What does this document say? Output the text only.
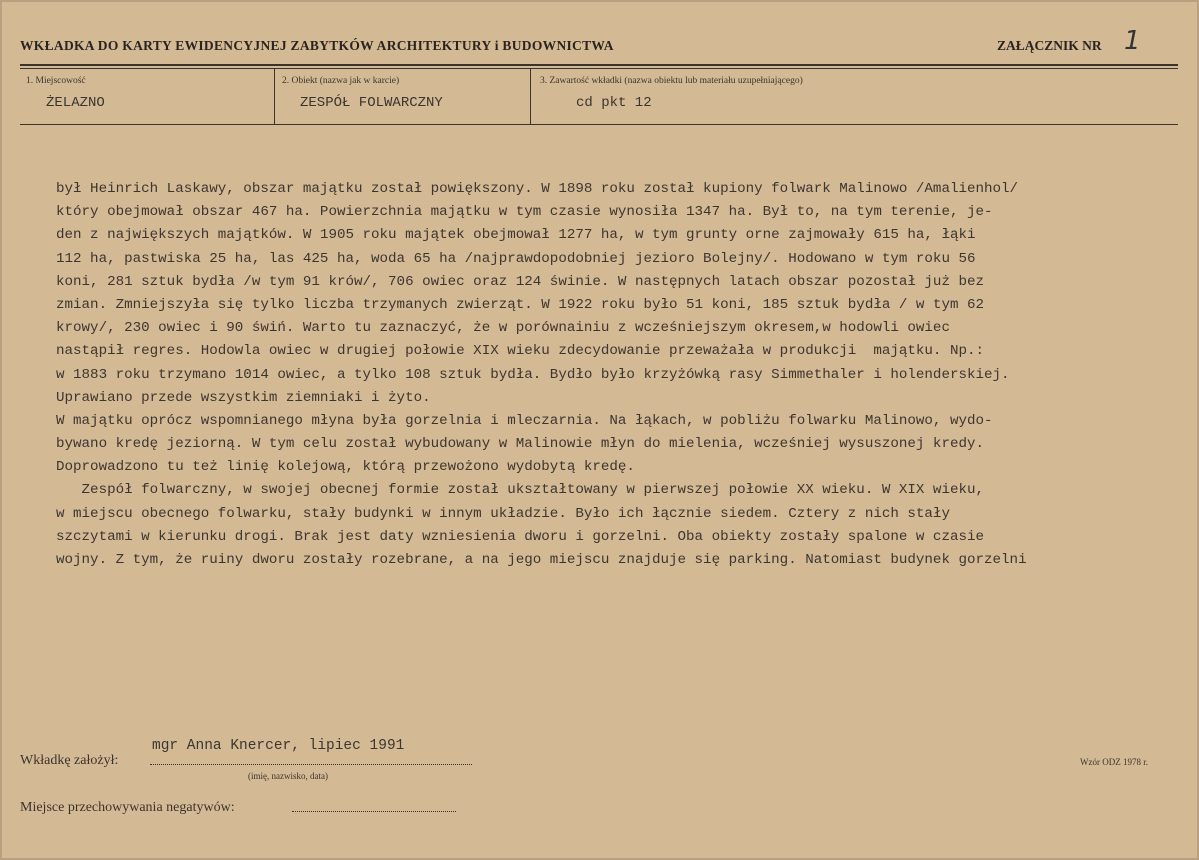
WKŁADKA DO KARTY EWIDENCYJNEJ ZABYTKÓW ARCHITEKTURY i BUDOWNICTWA	ZAŁĄCZNIK NR 1
1. Miejscowość
ŻELAZNO
2. Obiekt (nazwa jak w karcie)
ZESPÓŁ FOLWARCZNY
3. Zawartość wkładki (nazwa obiektu lub materiału uzupełniającego)
cd pkt 12
był Heinrich Laskawy, obszar majątku został powiększony. W 1898 roku został kupiony folwark Malinowo /Amalienhol/
który obejmował obszar 467 ha. Powierzchnia majątku w tym czasie wynosiła 1347 ha. Był to, na tym terenie, je-
den z największych majątków. W 1905 roku majątek obejmował 1277 ha, w tym grunty orne zajmowały 615 ha, łąki
112 ha, pastwiska 25 ha, las 425 ha, woda 65 ha /najprawdopodobniej jezioro Bolejny/. Hodowano w tym roku 56
koni, 281 sztuk bydła /w tym 91 krów/, 706 owiec oraz 124 świnie. W następnych latach obszar pozostał już bez
zmian. Zmniejszyła się tylko liczba trzymanych zwierząt. W 1922 roku było 51 koni, 185 sztuk bydła / w tym 62
krowy/, 230 owiec i 90 świń. Warto tu zaznaczyć, że w porównainiu z wcześniejszym okresem,w hodowli owiec
nastąpił regres. Hodowla owiec w drugiej połowie XIX wieku zdecydowanie przeważała w produkcji  majątku. Np.:
w 1883 roku trzymano 1014 owiec, a tylko 108 sztuk bydła. Bydło było krzyżówką rasy Simmethaler i holenderskiej.
Uprawiano przede wszystkim ziemniaki i żyto.
W majątku oprócz wspomnianego młyna była gorzelnia i mleczarnia. Na łąkach, w pobliżu folwarku Malinowo, wydo-
bywano kredę jeziorną. W tym celu został wybudowany w Malinowie młyn do mielenia, wcześniej wysuszonej kredy.
Doprowadzono tu też linię kolejową, którą przewożono wydobytą kredę.
Zespół folwarczny, w swojej obecnej formie został ukształtowany w pierwszej połowie XX wieku. W XIX wieku,
w miejscu obecnego folwarku, stały budynki w innym układzie. Było ich łącznie siedem. Cztery z nich stały
szczytami w kierunku drogi. Brak jest daty wzniesienia dworu i gorzelni. Oba obiekty zostały spalone w czasie
wojny. Z tym, że ruiny dworu zostały rozebrane, a na jego miejscu znajduje się parking. Natomiast budynek gorzelni
Wkładkę założył:
mgr Anna Knercer, lipiec 1991
(imię, nazwisko, data)
Wzór ODZ 1978 r.
Miejsce przechowywania negatywów:
